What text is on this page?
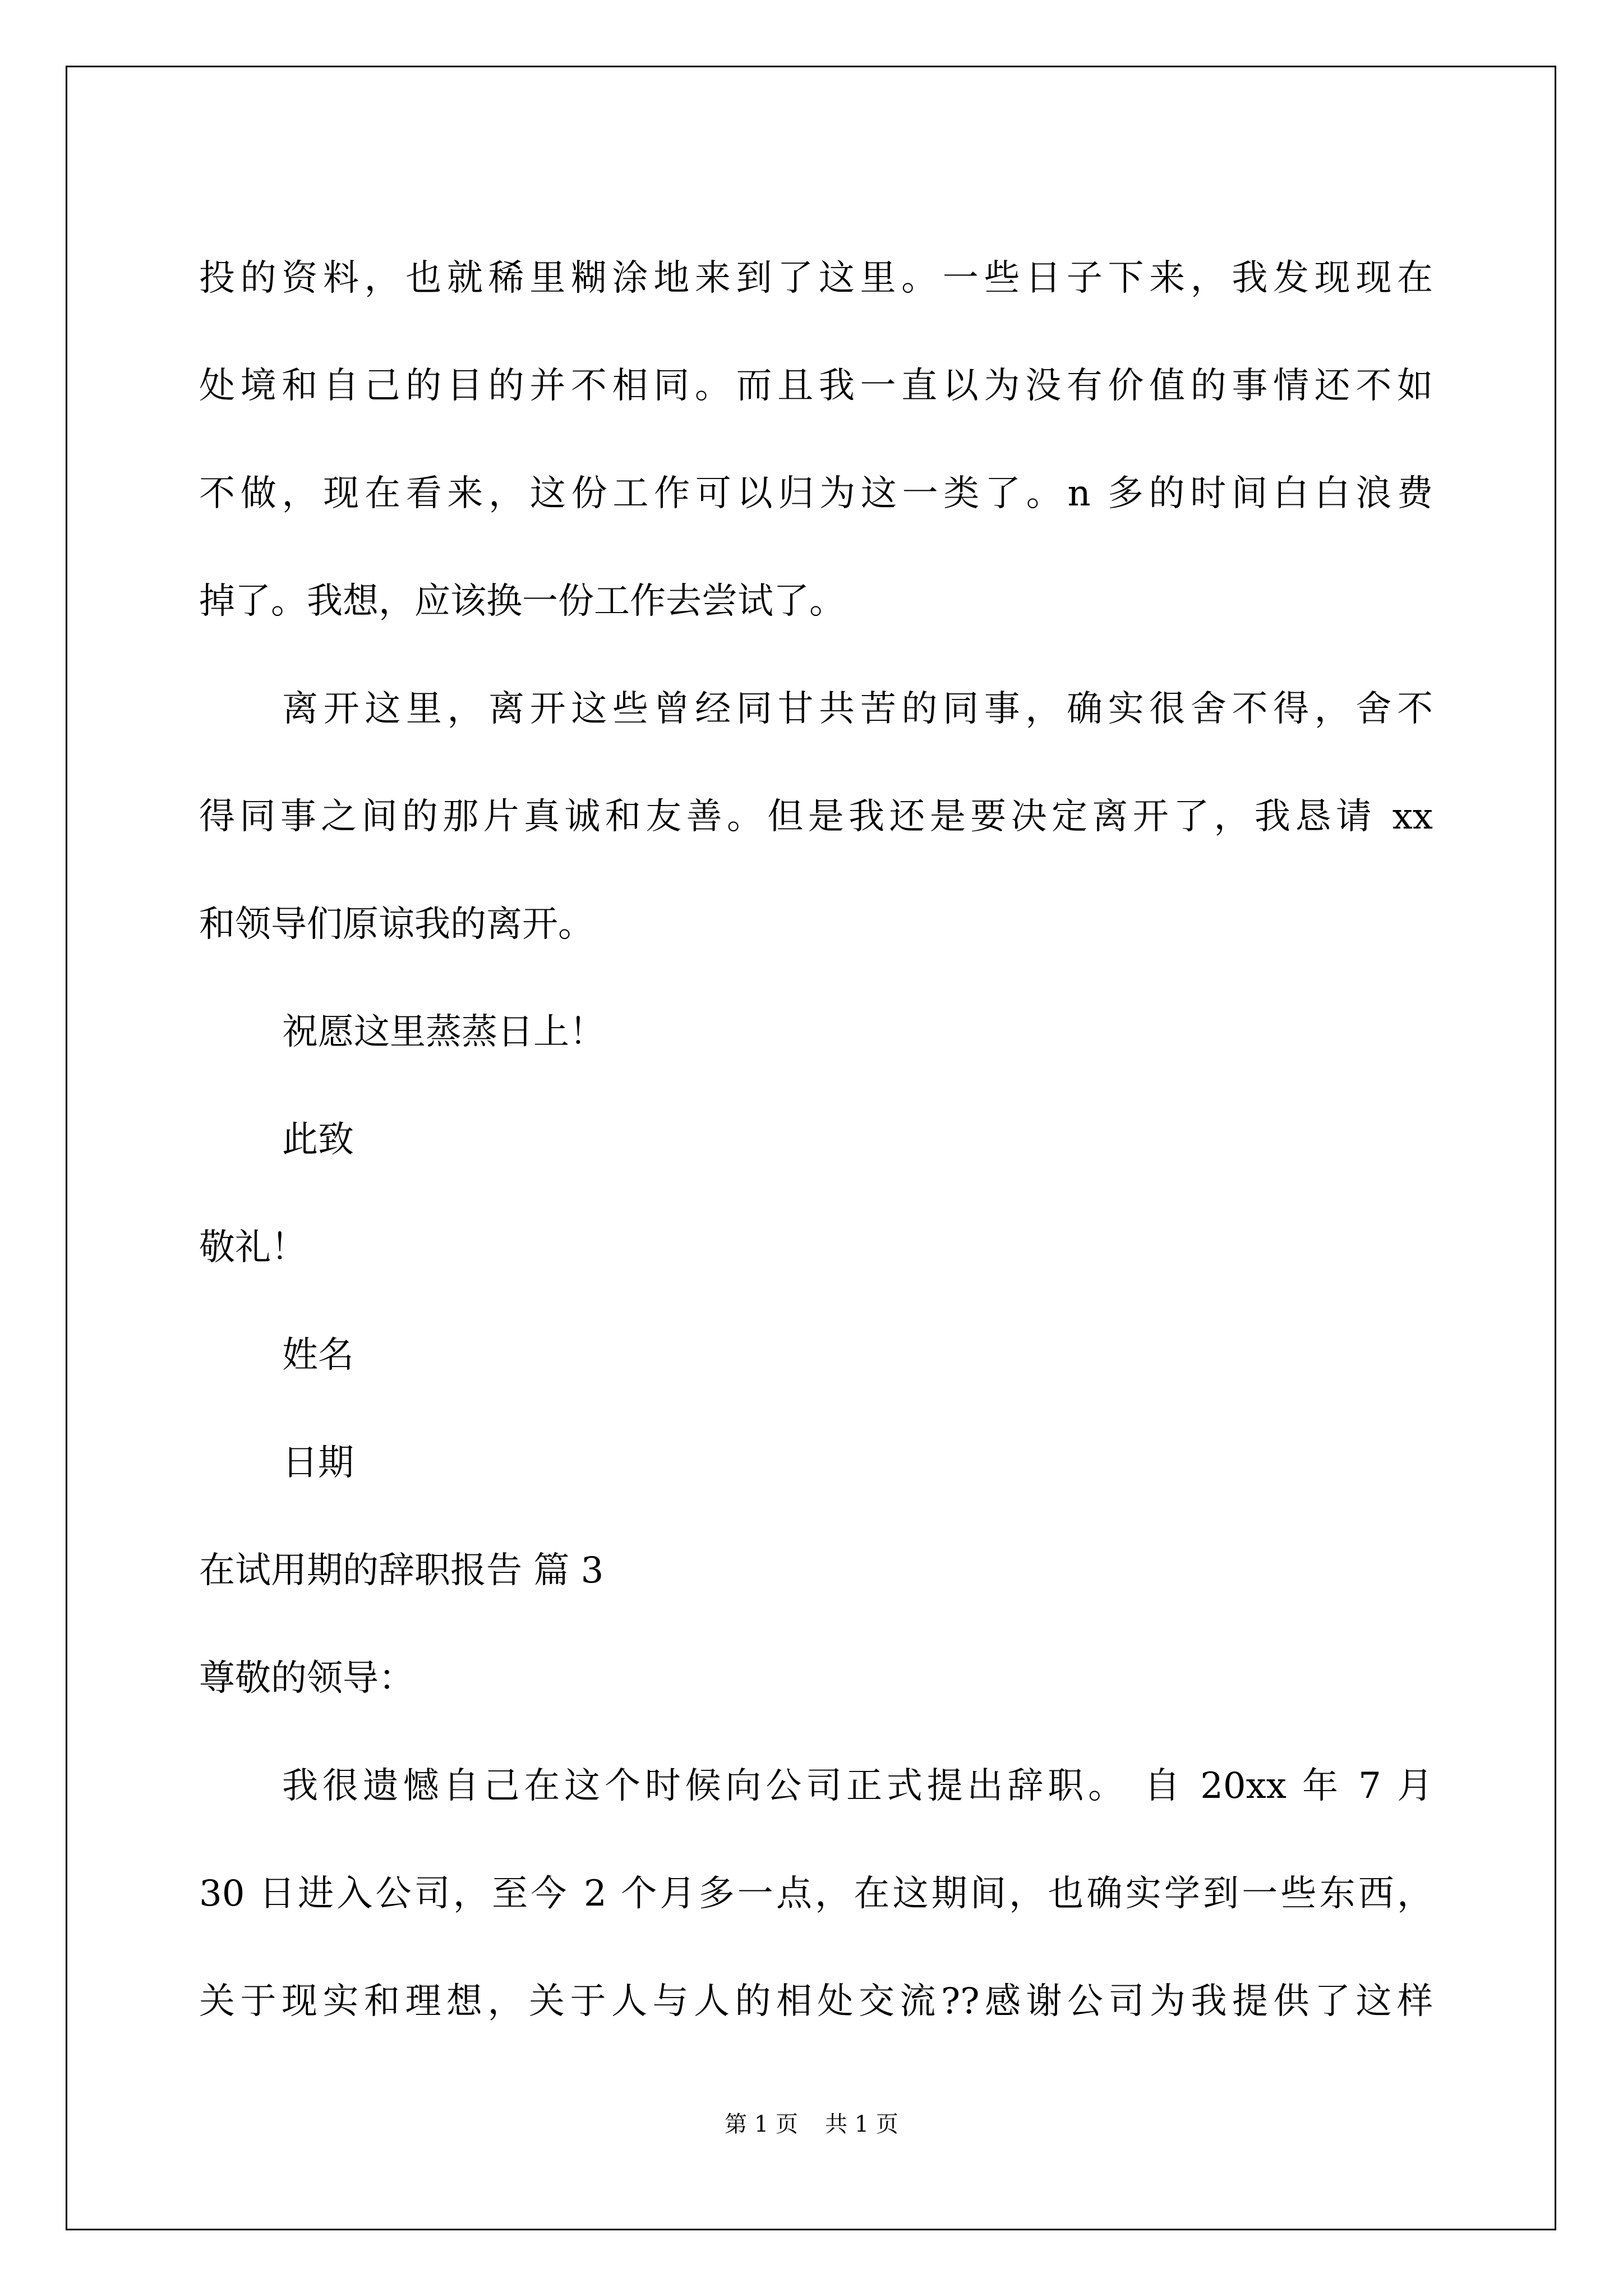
投的资料，也就稀里糊涂地来到了这里。一些日子下来，我发现现在
处境和自己的目的并不相同。而且我一直以为没有价值的事情还不如
不做，现在看来，这份工作可以归为这一类了。n 多的时间白白浪费
掉了。我想，应该换一份工作去尝试了。
离开这里，离开这些曾经同甘共苦的同事，确实很舍不得，舍不
得同事之间的那片真诚和友善。但是我还是要决定离开了，我恳请 xx
和领导们原谅我的离开。
祝愿这里蒸蒸日上！
此致
敬礼！
姓名
日期
在试用期的辞职报告 篇 3
尊敬的领导：
我很遗憾自己在这个时候向公司正式提出辞职。 自 20xx 年 7 月
30 日进入公司，至今 2 个月多一点，在这期间，也确实学到一些东西，
关于现实和理想，关于人与人的相处交流??感谢公司为我提供了这样
第 1 页 共 1 页
